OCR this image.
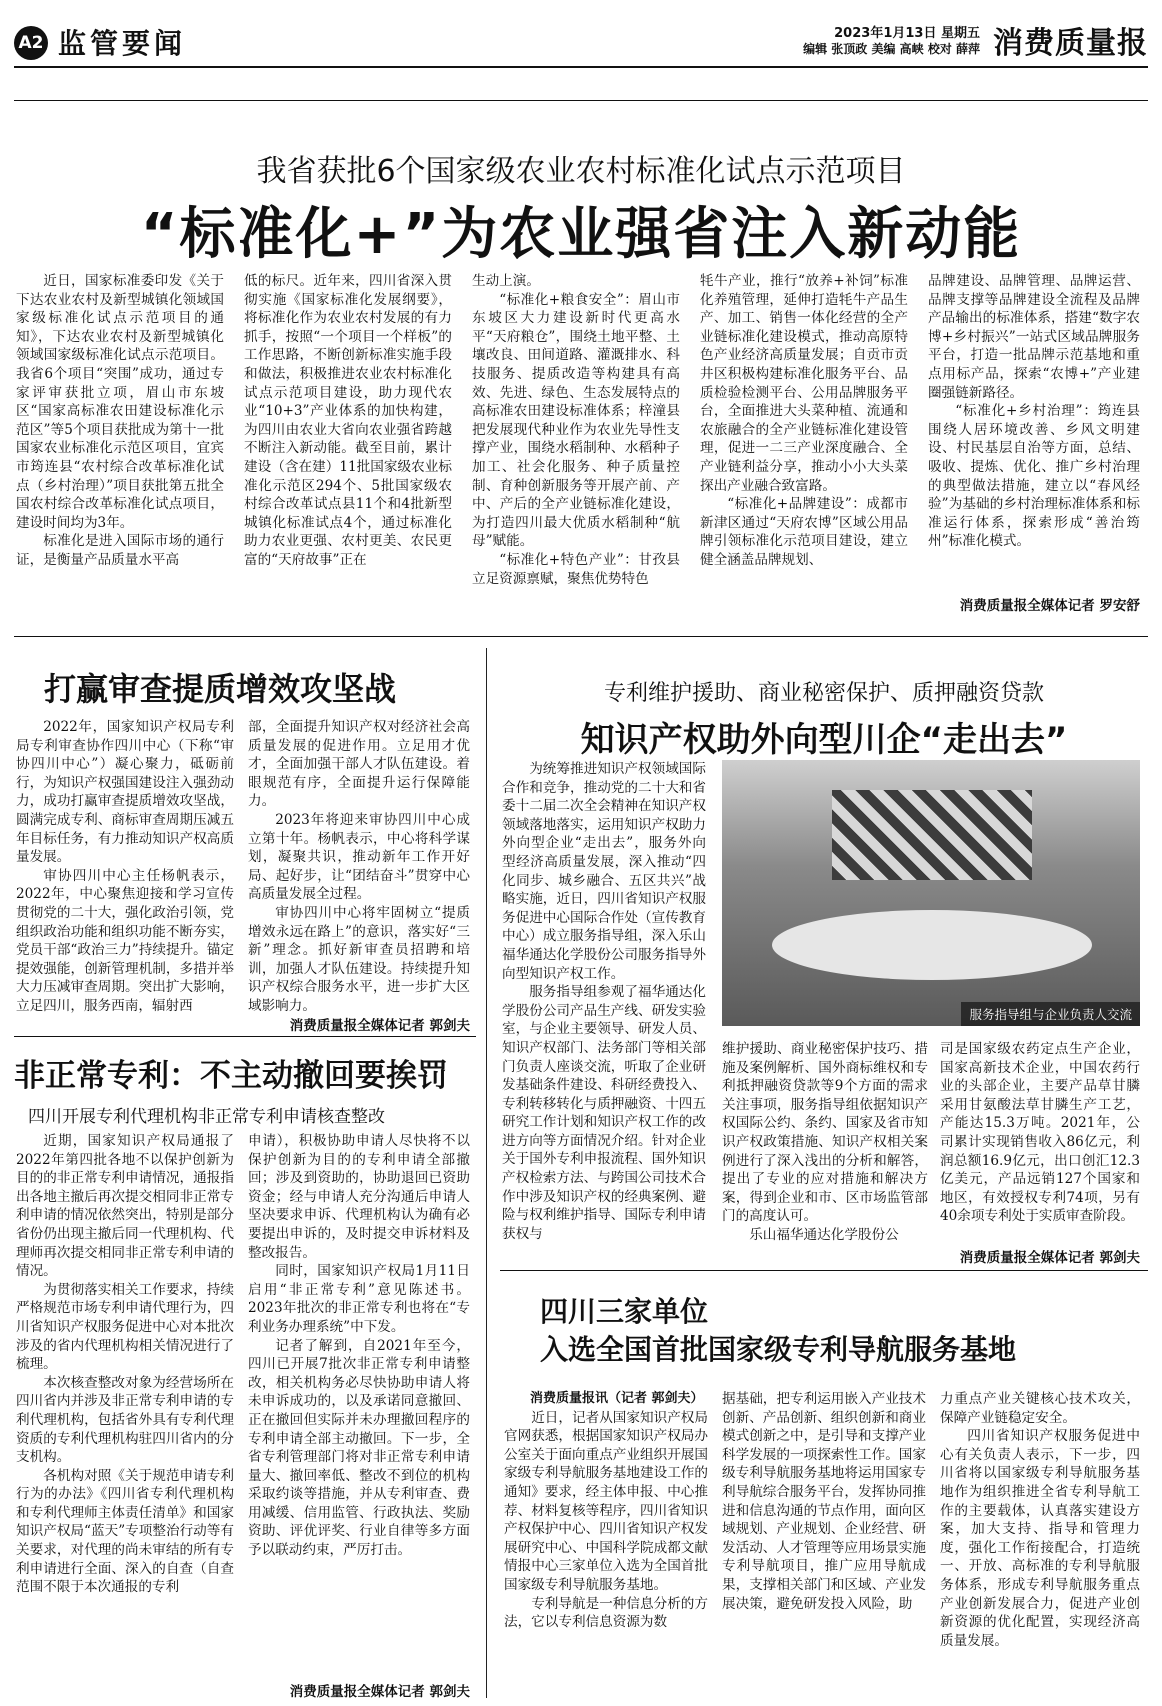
A2 监管要闻	2023年1月13日 星期五
编辑 张顶政 美编 高峡 校对 薛萍 消费质量报
我省获批6个国家级农业农村标准化试点示范项目
“标准化+”为农业强省注入新动能

近日，国家标准委印发《关于下达农业农村及新型城镇化领域国家级标准化试点示范项目的通知》，下达农业农村及新型城镇化领域国家级标准化试点示范项目。我省6个项目“突围”成功，通过专家评审获批立项，眉山市东坡区“国家高标准农田建设标准化示范区”等5个项目获批成为第十一批国家农业标准化示范区项目，宜宾市筠连县“农村综合改革标准化试点（乡村治理）”项目获批第五批全国农村综合改革标准化试点项目，建设时间均为3年。

标准化是进入国际市场的通行证，是衡量产品质量水平高

低的标尺。近年来，四川省深入贯彻实施《国家标准化发展纲要》，将标准化作为农业农村发展的有力抓手，按照“一个项目一个样板”的工作思路，不断创新标准实施手段和做法，积极推进农业农村标准化试点示范项目建设，助力现代农业“10+3”产业体系的加快构建，为四川由农业大省向农业强省跨越不断注入新动能。截至目前，累计建设（含在建）11批国家级农业标准化示范区294个、5批国家级农村综合改革试点县11个和4批新型城镇化标准试点4个，通过标准化助力农业更强、农村更美、农民更富的“天府故事”正在

生动上演。

“标准化+粮食安全”：眉山市东坡区大力建设新时代更高水平“天府粮仓”，围绕土地平整、土壤改良、田间道路、灌溉排水、科技服务、提质改造等构建具有高效、先进、绿色、生态发展特点的高标准农田建设标准体系；梓潼县把发展现代种业作为农业先导性支撑产业，围绕水稻制种、水稻种子加工、社会化服务、种子质量控制、育种创新服务等开展产前、产中、产后的全产业链标准化建设，为打造四川最大优质水稻制种“航母”赋能。

“标准化+特色产业”：甘孜县立足资源禀赋，聚焦优势特色

牦牛产业，推行“放养+补饲”标准化养殖管理，延伸打造牦牛产品生产、加工、销售一体化经营的全产业链标准化建设模式，推动高原特色产业经济高质量发展；自贡市贡井区积极构建标准化服务平台、品质检验检测平台、公用品牌服务平台，全面推进大头菜种植、流通和农旅融合的全产业链标准化建设管理，促进一二三产业深度融合、全产业链利益分享，推动小小大头菜探出产业融合致富路。

“标准化+品牌建设”：成都市新津区通过“天府农博”区域公用品牌引领标准化示范项目建设，建立健全涵盖品牌规划、

品牌建设、品牌管理、品牌运营、品牌支撑等品牌建设全流程及品牌产品输出的标准体系，搭建“数字农博+乡村振兴”一站式区域品牌服务平台，打造一批品牌示范基地和重点用标产品，探索“农博+”产业建圈强链新路径。

“标准化+乡村治理”：筠连县围绕人居环境改善、乡风文明建设、村民基层自治等方面，总结、吸收、提炼、优化、推广乡村治理的典型做法措施，建立以“春风经验”为基础的乡村治理标准体系和标准运行体系，探索形成“善治筠州”标准化模式。

消费质量报全媒体记者 罗安舒
打赢审查提质增效攻坚战

2022年，国家知识产权局专利局专利审查协作四川中心（下称“审协四川中心”）凝心聚力，砥砺前行，为知识产权强国建设注入强劲动力，成功打赢审查提质增效攻坚战，圆满完成专利、商标审查周期压减五年目标任务，有力推动知识产权高质量发展。

审协四川中心主任杨帆表示，2022年，中心聚焦迎接和学习宣传贯彻党的二十大，强化政治引领，党组织政治功能和组织功能不断夯实，党员干部“政治三力”持续提升。锚定提效强能，创新管理机制，多措并举大力压减审查周期。突出扩大影响，立足四川，服务西南，辐射西

部，全面提升知识产权对经济社会高质量发展的促进作用。立足用才优才，全面加强干部人才队伍建设。着眼规范有序，全面提升运行保障能力。

2023年将迎来审协四川中心成立第十年。杨帆表示，中心将科学谋划，凝聚共识，推动新年工作开好局、起好步，让“团结奋斗”贯穿中心高质量发展全过程。

审协四川中心将牢固树立“提质增效永远在路上”的意识，落实好“三新”理念。抓好新审查员招聘和培训，加强人才队伍建设。持续提升知识产权综合服务水平，进一步扩大区域影响力。

消费质量报全媒体记者 郭剑夫
非正常专利：不主动撤回要挨罚
四川开展专利代理机构非正常专利申请核查整改

近期，国家知识产权局通报了2022年第四批各地不以保护创新为目的的非正常专利申请情况，通报指出各地主撤后再次提交相同非正常专利申请的情况依然突出，特别是部分省份仍出现主撤后同一代理机构、代理师再次提交相同非正常专利申请的情况。

为贯彻落实相关工作要求，持续严格规范市场专利申请代理行为，四川省知识产权服务促进中心对本批次涉及的省内代理机构相关情况进行了梳理。

本次核查整改对象为经营场所在四川省内并涉及非正常专利申请的专利代理机构，包括省外具有专利代理资质的专利代理机构驻四川省内的分支机构。

各机构对照《关于规范申请专利行为的办法》《四川省专利代理机构和专利代理师主体责任清单》和国家知识产权局“蓝天”专项整治行动等有关要求，对代理的尚未审结的所有专利申请进行全面、深入的自查（自查范围不限于本次通报的专利

申请），积极协助申请人尽快将不以保护创新为目的的专利申请全部撤回；涉及到资助的，协助退回已资助资金；经与申请人充分沟通后申请人坚决要求申诉、代理机构认为确有必要提出申诉的，及时提交申诉材料及整改报告。

同时，国家知识产权局1月11日启用“非正常专利”意见陈述书。2023年批次的非正常专利也将在“专利业务办理系统”中下发。

记者了解到，自2021年至今，四川已开展7批次非正常专利申请整改，相关机构务必尽快协助申请人将未申诉成功的，以及承诺同意撤回、正在撤回但实际并未办理撤回程序的专利申请全部主动撤回。下一步，全省专利管理部门将对非正常专利申请量大、撤回率低、整改不到位的机构采取约谈等措施，并从专利审查、费用减缓、信用监管、行政执法、奖励资助、评优评奖、行业自律等多方面予以联动约束，严厉打击。

消费质量报全媒体记者 郭剑夫
专利维护援助、商业秘密保护、质押融资贷款
知识产权助外向型川企“走出去”

为统筹推进知识产权领域国际合作和竞争，推动党的二十大和省委十二届二次全会精神在知识产权领域落地落实，运用知识产权助力外向型企业“走出去”，服务外向型经济高质量发展，深入推动“四化同步、城乡融合、五区共兴”战略实施，近日，四川省知识产权服务促进中心国际合作处（宣传教育中心）成立服务指导组，深入乐山福华通达化学股份公司服务指导外向型知识产权工作。

服务指导组参观了福华通达化学股份公司产品生产线、研发实验室，与企业主要领导、研发人员、知识产权部门、法务部门等相关部门负责人座谈交流，听取了企业研发基础条件建设、科研经费投入、专利转移转化与质押融资、十四五研究工作计划和知识产权工作的改进方向等方面情况介绍。针对企业关于国外专利申报流程、国外知识产权检索方法、与跨国公司技术合作中涉及知识产权的经典案例、避险与权利维护指导、国际专利申请获权与

服务指导组与企业负责人交流

维护援助、商业秘密保护技巧、措施及案例解析、国外商标维权和专利抵押融资贷款等9个方面的需求关注事项，服务指导组依据知识产权国际公约、条约、国家及省市知识产权政策措施、知识产权相关案例进行了深入浅出的分析和解答，提出了专业的应对措施和解决方案，得到企业和市、区市场监管部门的高度认可。

乐山福华通达化学股份公

司是国家级农药定点生产企业，国家高新技术企业，中国农药行业的头部企业，主要产品草甘膦采用甘氨酸法草甘膦生产工艺，产能达15.3万吨。2021年，公司累计实现销售收入86亿元，利润总额16.9亿元，出口创汇12.3亿美元，产品远销127个国家和地区，有效授权专利74项，另有40余项专利处于实质审查阶段。

消费质量报全媒体记者 郭剑夫
四川三家单位
入选全国首批国家级专利导航服务基地

消费质量报讯（记者 郭剑夫）

近日，记者从国家知识产权局官网获悉，根据国家知识产权局办公室关于面向重点产业组织开展国家级专利导航服务基地建设工作的通知》要求，经主体申报、中心推荐、材料复核等程序，四川省知识产权保护中心、四川省知识产权发展研究中心、中国科学院成都文献情报中心三家单位入选为全国首批国家级专利导航服务基地。

专利导航是一种信息分析的方法，它以专利信息资源为数

据基础，把专利运用嵌入产业技术创新、产品创新、组织创新和商业模式创新之中，是引导和支撑产业科学发展的一项探索性工作。国家级专利导航服务基地将运用国家专利导航综合服务平台，发挥协同推进和信息沟通的节点作用，面向区域规划、产业规划、企业经营、研发活动、人才管理等应用场景实施专利导航项目，推广应用导航成果，支撑相关部门和区域、产业发展决策，避免研发投入风险，助

力重点产业关键核心技术攻关，保障产业链稳定安全。

四川省知识产权服务促进中心有关负责人表示，下一步，四川省将以国家级专利导航服务基地作为组织推进全省专利导航工作的主要载体，认真落实建设方案，加大支持、指导和管理力度，强化工作衔接配合，打造统一、开放、高标准的专利导航服务体系，形成专利导航服务重点产业创新发展合力，促进产业创新资源的优化配置，实现经济高质量发展。
